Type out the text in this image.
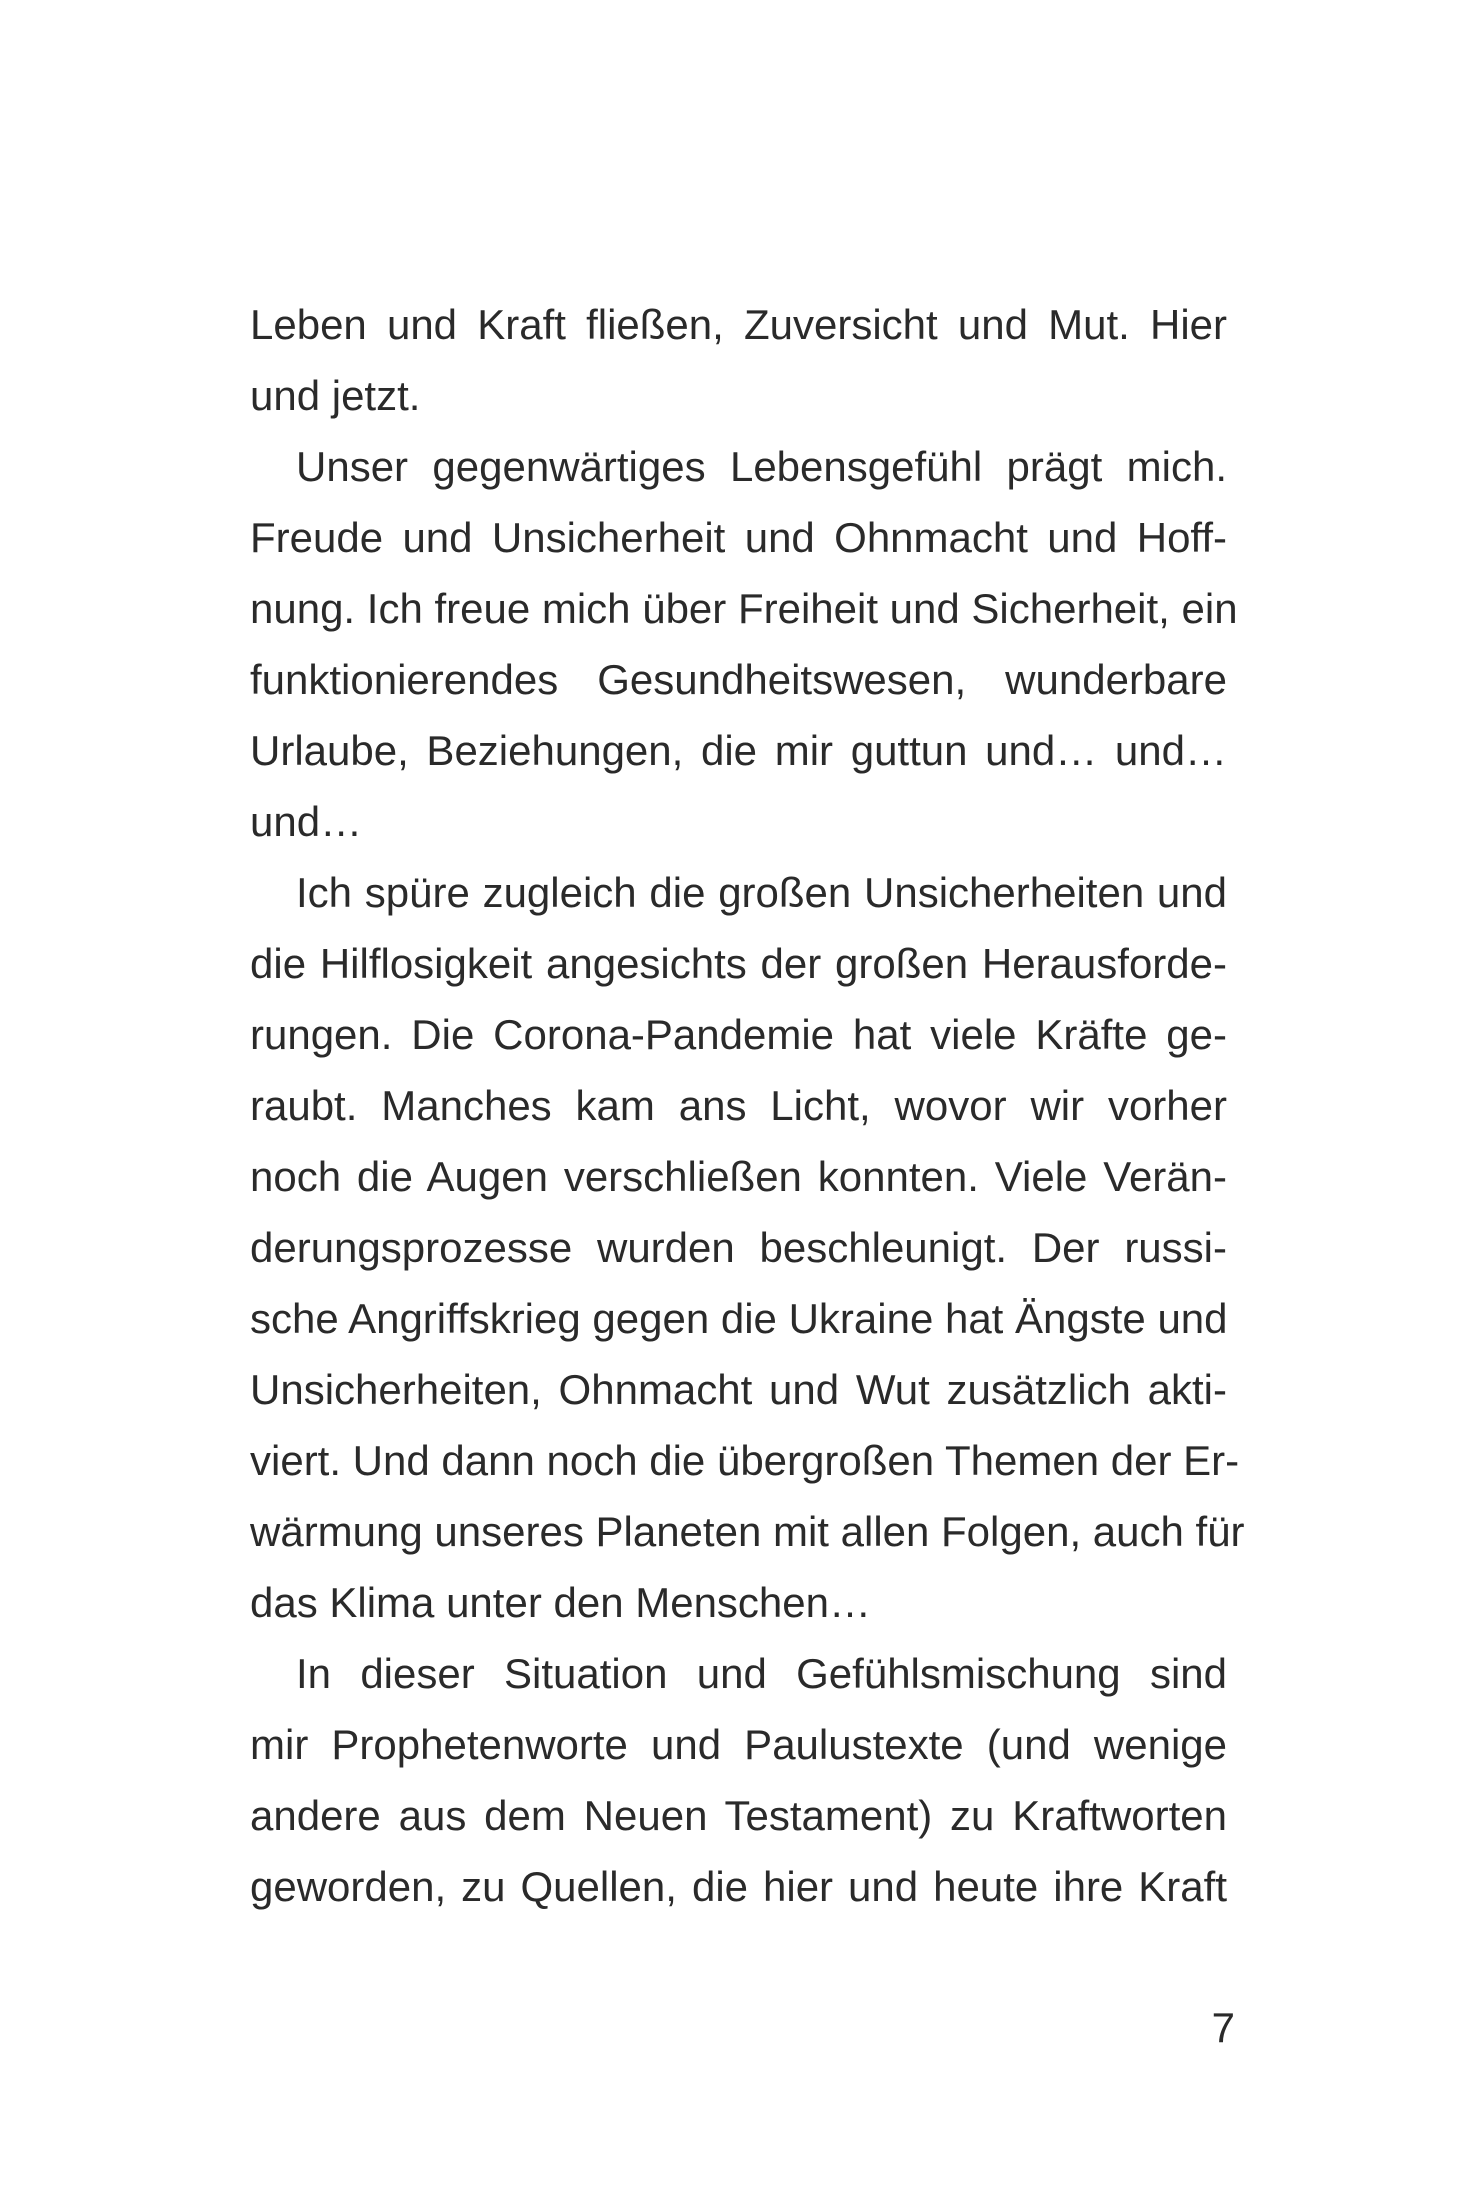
Leben und Kraft fließen, Zuversicht und Mut. Hier
und jetzt.
Unser gegenwärtiges Lebensgefühl prägt mich.
Freude und Unsicherheit und Ohnmacht und Hoff-
nung. Ich freue mich über Freiheit und Sicherheit, ein
funktionierendes Gesundheitswesen, wunderbare
Urlaube, Beziehungen, die mir guttun und… und…
und…
Ich spüre zugleich die großen Unsicherheiten und
die Hilflosigkeit angesichts der großen Herausforde-
rungen. Die Corona-Pandemie hat viele Kräfte ge-
raubt. Manches kam ans Licht, wovor wir vorher
noch die Augen verschließen konnten. Viele Verän-
derungsprozesse wurden beschleunigt. Der russi-
sche Angriffskrieg gegen die Ukraine hat Ängste und
Unsicherheiten, Ohnmacht und Wut zusätzlich akti-
viert. Und dann noch die übergroßen Themen der Er-
wärmung unseres Planeten mit allen Folgen, auch für
das Klima unter den Menschen…
In dieser Situation und Gefühlsmischung sind
mir Prophetenworte und Paulustexte (und wenige
andere aus dem Neuen Testament) zu Kraftworten
geworden, zu Quellen, die hier und heute ihre Kraft
7
